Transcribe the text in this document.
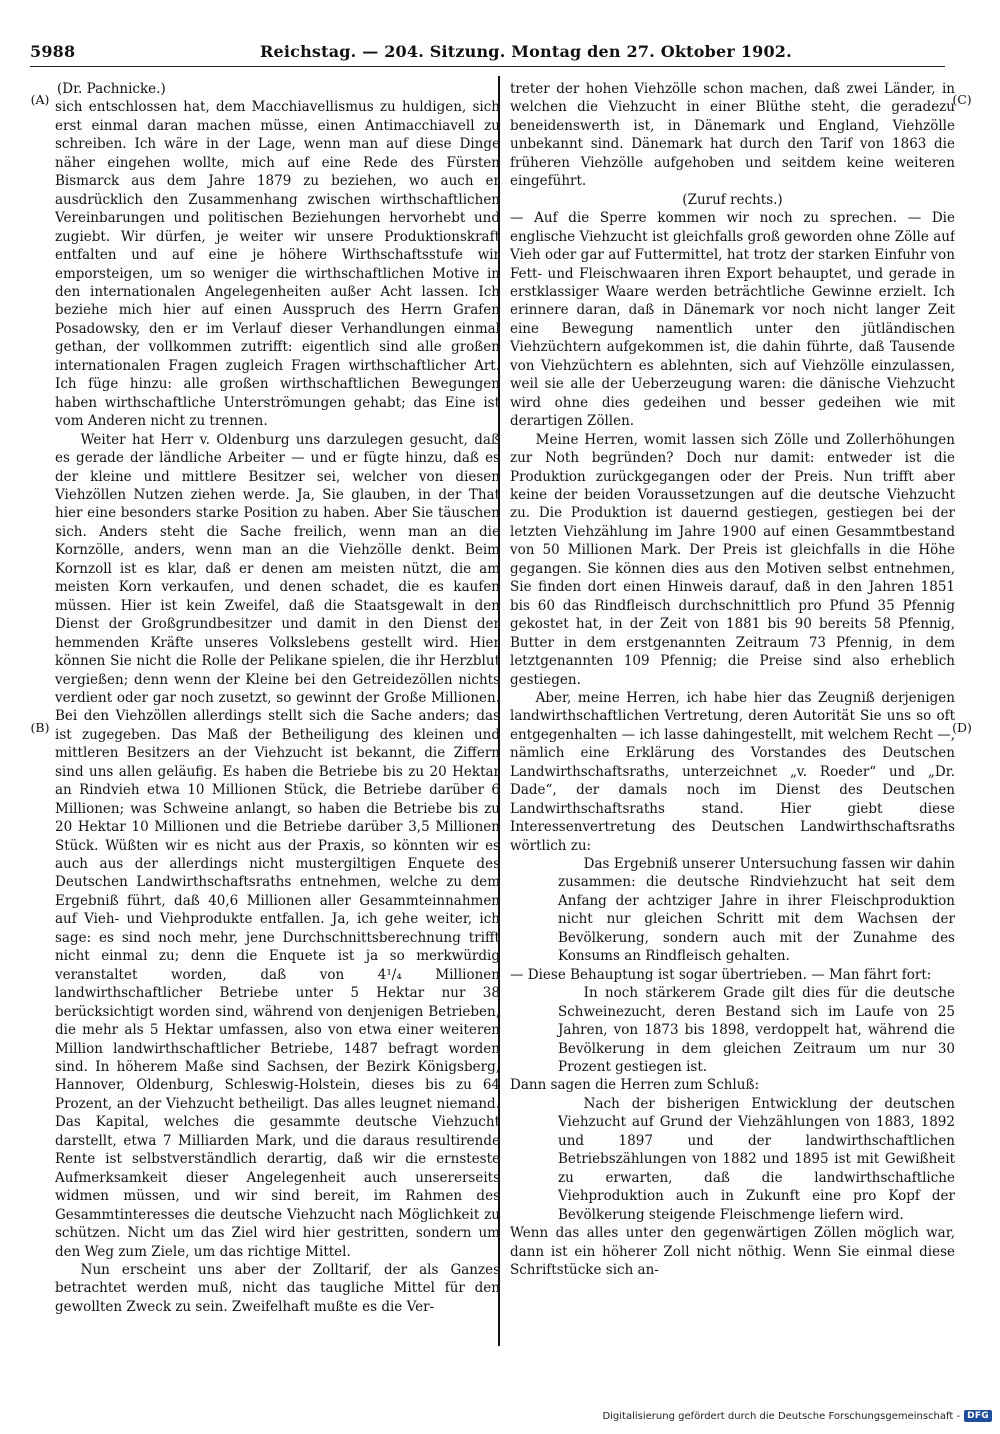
5988	Reichstag. — 204. Sitzung. Montag den 27. Oktober 1902.
(A)
(B)
(C)
(D)

(Dr. Pachnicke.)

sich entschlossen hat, dem Macchiavellismus zu huldigen, sich erst einmal daran machen müsse, einen Antimacchiavell zu schreiben. Ich wäre in der Lage, wenn man auf diese Dinge näher eingehen wollte, mich auf eine Rede des Fürsten Bismarck aus dem Jahre 1879 zu beziehen, wo auch er ausdrücklich den Zusammenhang zwischen wirthschaftlichen Vereinbarungen und politischen Beziehungen hervorhebt und zugiebt. Wir dürfen, je weiter wir unsere Produktionskraft entfalten und auf eine je höhere Wirthschaftsstufe wir emporsteigen, um so weniger die wirthschaftlichen Motive in den internationalen Angelegenheiten außer Acht lassen. Ich beziehe mich hier auf einen Ausspruch des Herrn Grafen Posadowsky, den er im Verlauf dieser Verhandlungen einmal gethan, der vollkommen zutrifft: eigentlich sind alle großen internationalen Fragen zugleich Fragen wirthschaftlicher Art. Ich füge hinzu: alle großen wirthschaftlichen Bewegungen haben wirthschaftliche Unterströmungen gehabt; das Eine ist vom Anderen nicht zu trennen.

Weiter hat Herr v. Oldenburg uns darzulegen gesucht, daß es gerade der ländliche Arbeiter — und er fügte hinzu, daß es der kleine und mittlere Besitzer sei, welcher von diesen Viehzöllen Nutzen ziehen werde. Ja, Sie glauben, in der That hier eine besonders starke Position zu haben. Aber Sie täuschen sich. Anders steht die Sache freilich, wenn man an die Kornzölle, anders, wenn man an die Viehzölle denkt. Beim Kornzoll ist es klar, daß er denen am meisten nützt, die am meisten Korn verkaufen, und denen schadet, die es kaufen müssen. Hier ist kein Zweifel, daß die Staatsgewalt in den Dienst der Großgrundbesitzer und damit in den Dienst der hemmenden Kräfte unseres Volkslebens gestellt wird. Hier können Sie nicht die Rolle der Pelikane spielen, die ihr Herzblut vergießen; denn wenn der Kleine bei den Getreidezöllen nichts verdient oder gar noch zusetzt, so gewinnt der Große Millionen. Bei den Viehzöllen allerdings stellt sich die Sache anders; das ist zugegeben. Das Maß der Betheiligung des kleinen und mittleren Besitzers an der Viehzucht ist bekannt, die Ziffern sind uns allen geläufig. Es haben die Betriebe bis zu 20 Hektar an Rindvieh etwa 10 Millionen Stück, die Betriebe darüber 6 Millionen; was Schweine anlangt, so haben die Betriebe bis zu 20 Hektar 10 Millionen und die Betriebe darüber 3,5 Millionen Stück. Wüßten wir es nicht aus der Praxis, so könnten wir es auch aus der allerdings nicht mustergiltigen Enquete des Deutschen Landwirthschaftsraths entnehmen, welche zu dem Ergebniß führt, daß 40,6 Millionen aller Gesammteinnahmen auf Vieh- und Viehprodukte entfallen. Ja, ich gehe weiter, ich sage: es sind noch mehr, jene Durchschnittsberechnung trifft nicht einmal zu; denn die Enquete ist ja so merkwürdig veranstaltet worden, daß von 4¹/₄ Millionen landwirthschaftlicher Betriebe unter 5 Hektar nur 38 berücksichtigt worden sind, während von denjenigen Betrieben, die mehr als 5 Hektar umfassen, also von etwa einer weiteren Million landwirthschaftlicher Betriebe, 1487 befragt worden sind. In höherem Maße sind Sachsen, der Bezirk Königsberg, Hannover, Oldenburg, Schleswig-Holstein, dieses bis zu 64 Prozent, an der Viehzucht betheiligt. Das alles leugnet niemand. Das Kapital, welches die gesammte deutsche Viehzucht darstellt, etwa 7 Milliarden Mark, und die daraus resultirende Rente ist selbstverständlich derartig, daß wir die ernsteste Aufmerksamkeit dieser Angelegenheit auch unsererseits widmen müssen, und wir sind bereit, im Rahmen des Gesammtinteresses die deutsche Viehzucht nach Möglichkeit zu schützen. Nicht um das Ziel wird hier gestritten, sondern um den Weg zum Ziele, um das richtige Mittel.

Nun erscheint uns aber der Zolltarif, der als Ganzes betrachtet werden muß, nicht das taugliche Mittel für den gewollten Zweck zu sein. Zweifelhaft mußte es die Ver-

treter der hohen Viehzölle schon machen, daß zwei Länder, in welchen die Viehzucht in einer Blüthe steht, die geradezu beneidenswerth ist, in Dänemark und England, Viehzölle unbekannt sind. Dänemark hat durch den Tarif von 1863 die früheren Viehzölle aufgehoben und seitdem keine weiteren eingeführt.

(Zuruf rechts.)

— Auf die Sperre kommen wir noch zu sprechen. — Die englische Viehzucht ist gleichfalls groß geworden ohne Zölle auf Vieh oder gar auf Futtermittel, hat trotz der starken Einfuhr von Fett- und Fleischwaaren ihren Export behauptet, und gerade in erstklassiger Waare werden beträchtliche Gewinne erzielt. Ich erinnere daran, daß in Dänemark vor noch nicht langer Zeit eine Bewegung namentlich unter den jütländischen Viehzüchtern aufgekommen ist, die dahin führte, daß Tausende von Viehzüchtern es ablehnten, sich auf Viehzölle einzulassen, weil sie alle der Ueberzeugung waren: die dänische Viehzucht wird ohne dies gedeihen und besser gedeihen wie mit derartigen Zöllen.

Meine Herren, womit lassen sich Zölle und Zollerhöhungen zur Noth begründen? Doch nur damit: entweder ist die Produktion zurückgegangen oder der Preis. Nun trifft aber keine der beiden Voraussetzungen auf die deutsche Viehzucht zu. Die Produktion ist dauernd gestiegen, gestiegen bei der letzten Viehzählung im Jahre 1900 auf einen Gesammtbestand von 50 Millionen Mark. Der Preis ist gleichfalls in die Höhe gegangen. Sie können dies aus den Motiven selbst entnehmen, Sie finden dort einen Hinweis darauf, daß in den Jahren 1851 bis 60 das Rindfleisch durchschnittlich pro Pfund 35 Pfennig gekostet hat, in der Zeit von 1881 bis 90 bereits 58 Pfennig, Butter in dem erstgenannten Zeitraum 73 Pfennig, in dem letztgenannten 109 Pfennig; die Preise sind also erheblich gestiegen.

Aber, meine Herren, ich habe hier das Zeugniß derjenigen landwirthschaftlichen Vertretung, deren Autorität Sie uns so oft entgegenhalten — ich lasse dahingestellt, mit welchem Recht —, nämlich eine Erklärung des Vorstandes des Deutschen Landwirthschaftsraths, unterzeichnet „v. Roeder“ und „Dr. Dade“, der damals noch im Dienst des Deutschen Landwirthschaftsraths stand. Hier giebt diese Interessenvertretung des Deutschen Landwirthschaftsraths wörtlich zu:

Das Ergebniß unserer Untersuchung fassen wir dahin zusammen: die deutsche Rindviehzucht hat seit dem Anfang der achtziger Jahre in ihrer Fleischproduktion nicht nur gleichen Schritt mit dem Wachsen der Bevölkerung, sondern auch mit der Zunahme des Konsums an Rindfleisch gehalten.

— Diese Behauptung ist sogar übertrieben. — Man fährt fort:

In noch stärkerem Grade gilt dies für die deutsche Schweinezucht, deren Bestand sich im Laufe von 25 Jahren, von 1873 bis 1898, verdoppelt hat, während die Bevölkerung in dem gleichen Zeitraum um nur 30 Prozent gestiegen ist.

Dann sagen die Herren zum Schluß:

Nach der bisherigen Entwicklung der deutschen Viehzucht auf Grund der Viehzählungen von 1883, 1892 und 1897 und der landwirthschaftlichen Betriebszählungen von 1882 und 1895 ist mit Gewißheit zu erwarten, daß die landwirthschaftliche Viehproduktion auch in Zukunft eine pro Kopf der Bevölkerung steigende Fleischmenge liefern wird.

Wenn das alles unter den gegenwärtigen Zöllen möglich war, dann ist ein höherer Zoll nicht nöthig. Wenn Sie einmal diese Schriftstücke sich an-

Digitalisierung gefördert durch die Deutsche Forschungsgemeinschaft - DFG
